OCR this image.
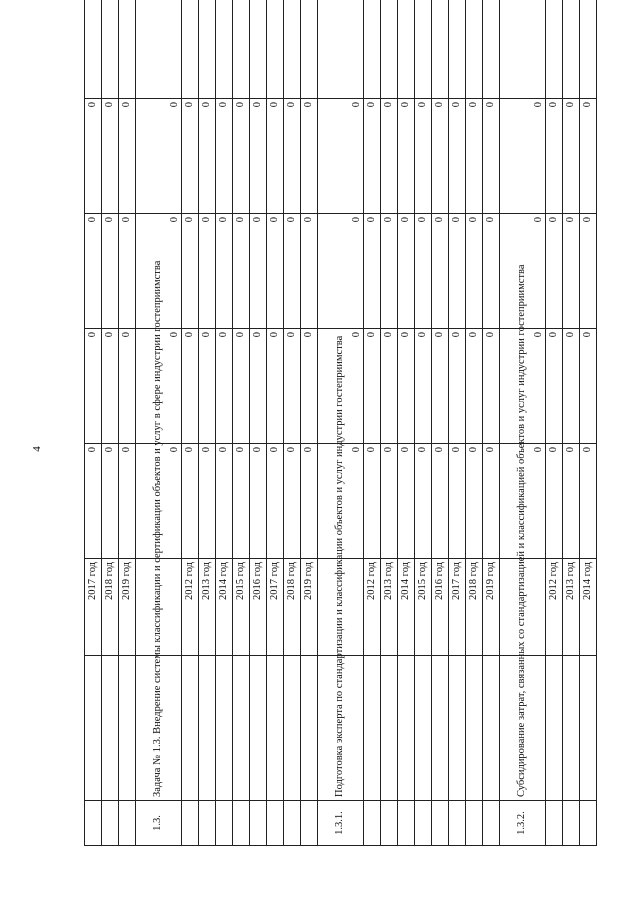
4
		2017 год	0	0	0	0	
		2018 год	0	0	0	0	
		2019 год	0	0	0	0	
1.3.	Задача № 1.3. Внедрение системы классификации и сертификации объектов и услуг в сфере индустрии гостеприимства		0	0	0	0	
		2012 год	0	0	0	0	
		2013 год	0	0	0	0	
		2014 год	0	0	0	0	
		2015 год	0	0	0	0	
		2016 год	0	0	0	0	
		2017 год	0	0	0	0	
		2018 год	0	0	0	0	
		2019 год	0	0	0	0	
1.3.1.	Подготовка эксперта по стандартизации и классификации объектов и услуг индустрии гостеприимства		0	0	0	0	
		2012 год	0	0	0	0	
		2013 год	0	0	0	0	
		2014 год	0	0	0	0	
		2015 год	0	0	0	0	
		2016 год	0	0	0	0	
		2017 год	0	0	0	0	
		2018 год	0	0	0	0	
		2019 год	0	0	0	0	
1.3.2.	Субсидирование затрат, связанных со стандартизацией и классификацией объектов и услуг индустрии гостеприимства		0	0	0	0	
		2012 год	0	0	0	0	
		2013 год	0	0	0	0	
		2014 год	0	0	0	0	
